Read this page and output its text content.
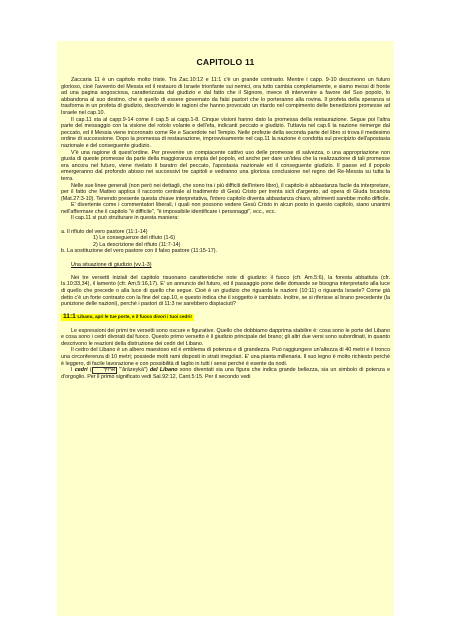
CAPITOLO 11

Zaccaria 11 è un capitolo molto triste. Tra Zac.10:12 e 11:1 c'è un grande contrasto. Mentre i capp. 9-10 descrivono un futuro glorioso, cioè l'avvento del Messia ed il restauro di Israele trionfante sui nemici, ora tutto cambia completamente, e siamo messi di fronte ad una pagina angosciosa, caratterizzata dal giudizio e dal fatto che il Signore, invece di intervenire a favore del Suo popolo, lo abbandona al suo destino, che è quello di essere governato da falsi pastori che lo porteranno alla rovina. Il profeta della speranza si trasforma in un profeta di giudizio, descrivendo le ragioni che hanno provocato un ritardo nel compimento delle benedizioni promesse ad Israele nel cap.10.

Il cap.11 sta al capp.9-14 come il cap.5 ai capp.1-8. Cinque visioni hanno dato la promessa della restaurazione. Segue poi l'altra parte del messaggio con la visione del rotolo volante e dell'efa, indicanti peccato e giudizio. Tuttavia nel cap.6 la nazione riemerge dal peccato, ed il Messia viene incoronato come Re e Sacerdote nel Tempio. Nelle profezie della seconda parte del libro si trova il medesimo ordine di successione. Dopo la promessa di restaurazione, improvvisamente nel cap.11 la nazione è condotta sul precipizio dell'apostasia nazionale e del conseguente giudizio.

V'è una ragione di quest'ordine. Per prevenire un compiacente cattivo uso delle promesse di salvezza, o una appropriazione non giusta di queste promesse da parte della maggioranza empia del popolo, ed anche per dare un'idea che la realizzazione di tali promesse era ancora nel futuro, viene rivelato il baratro del peccato, l'apostasia nazionale ed il conseguente giudizio. Il paese ed il popolo emergeranno dal profondo abisso nei successivi tre capitoli e vedranno una gloriosa conclusione nel regno del Re-Messia su tutta la terra.

Nelle sue linee generali (non però nei dettagli, che sono tra i più difficili dell'intero libro), il capitolo è abbastanza facile da interpretare, per il fatto che Matteo applica il racconto centrale al tradimento di Gesù Cristo per trenta sicli d'argento, ad opera di Giuda Iscariota (Mat.27:3-10). Tenendo presente questa chiave interpretativa, l'intero capitolo diventa abbastanza chiaro, altrimenti sarebbe molto difficile.

E' divertente come i commentatori liberali, i quali non possono vedere Gesù Cristo in alcun posto in questo capitolo, siano unanimi nell'affermare che il capitolo "è difficile", "è impossibile identificare i personaggi", ecc., ecc.

Il cap.11 si può strutturare in questa maniera:

a. Il rifiuto del vero pastore (11:1-14)

1) Le conseguenze del rifiuto (1-6)

2) La descrizione del rifiuto (11:7-14)

b. La sostituzione del vero pastore con il falso pastore (11:15-17).

Una situazione di giudizio (vv.1-3)

Nei tre versetti iniziali del capitolo risuonano caratteristiche note di giudizio: il fuoco (cfr. Am.5:6), la foresta abbattuta (cfr. Is.10:33,34), il lamento (cfr. Am.5:16,17). E' un annuncio del futuro, ed il passaggio pone delle domande se bisogna interpretarlo alla luce di quello che precede o alla luce di quello che segue. Cioè è un giudizio che riguarda le nazioni (10:11) o riguarda Israele? Come già detto c'è un forte contrasto con la fine del cap.10, e questo indica che il soggetto è cambiato. Inoltre, se si riferisse al brano precedente (la punizione delle nazioni), perché i pastori di 11:3 ne sarebbero dispiaciuti?

11:1 Libano, apri le tue porte, e il fuoco divori i tuoi cedri!

Le espressioni dei primi tre versetti sono oscure e figurative. Quello che dobbiamo dapprima stabilire è: cosa sono le porte del Libano e cosa sono i cedri divorati dal fuoco. Questo primo versetto è il giudizio principale del brano; gli altri due versi sono subordinati, in quanto descrivono le reazioni della distruzione dei cedri del Libano.

Il cedro del Libano è un albero maestoso ed è emblema di potenza e di grandezza. Può raggiungere un'altezza di 40 metri e il tronco una circonferenza di 10 metri; possiede molti rami disposti in strati irregolari. E' una pianta millenaria. Il suo legno è molto richiesto perché è leggero, di facile lavorazione e con possibilità di taglio in tutti i sensi perché è esente da nodi.

I cedri ( ארזיך "'ărāzeykā") del Libano sono diventati sia una figura che indica grande bellezza, sia un simbolo di potenza e d'orgoglio. Per il primo significato vedi Sal.92:12, Cant.5:15. Per il secondo vedi
